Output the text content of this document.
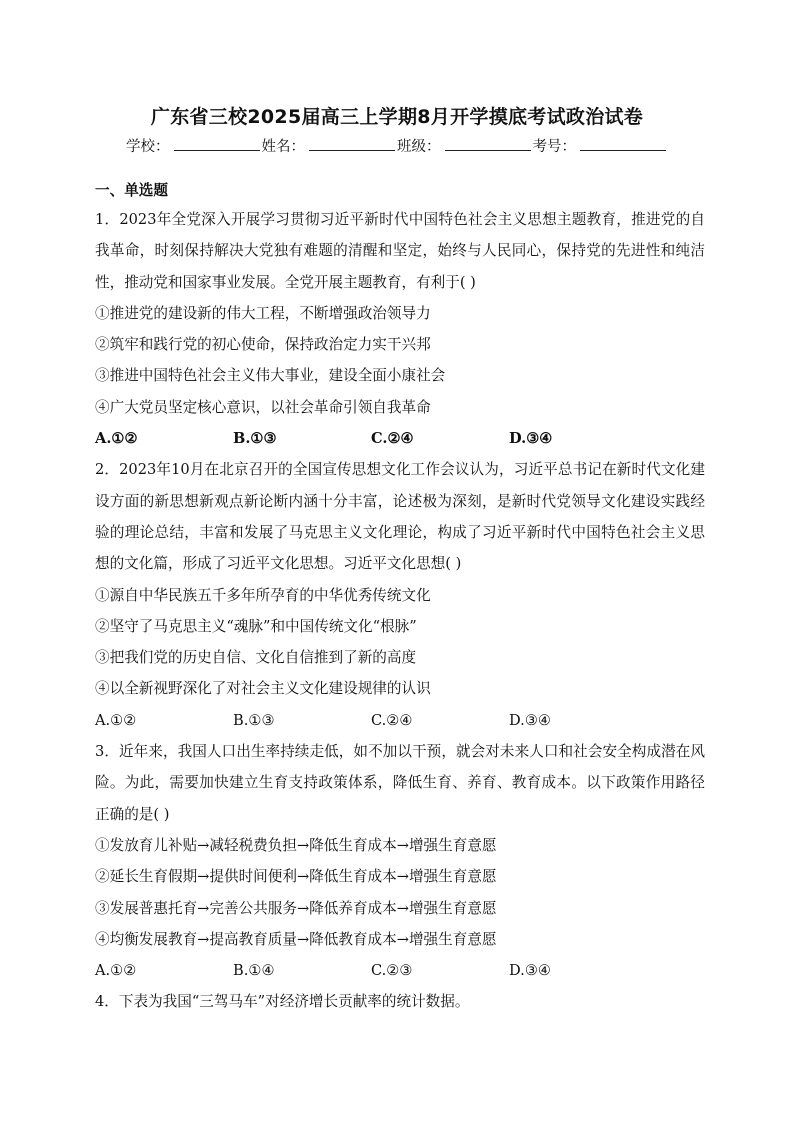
广东省三校2025届高三上学期8月开学摸底考试政治试卷
学校：	姓名：	班级：	考号：
一、单选题

1．2023年全党深入开展学习贯彻习近平新时代中国特色社会主义思想主题教育，推进党的自我革命，时刻保持解决大党独有难题的清醒和坚定，始终与人民同心，保持党的先进性和纯洁性，推动党和国家事业发展。全党开展主题教育，有利于( )

①推进党的建设新的伟大工程，不断增强政治领导力

②筑牢和践行党的初心使命，保持政治定力实干兴邦

③推进中国特色社会主义伟大事业，建设全面小康社会

④广大党员坚定核心意识，以社会革命引领自我革命

A.①②	B.①③	C.②④	D.③④

2．2023年10月在北京召开的全国宣传思想文化工作会议认为，习近平总书记在新时代文化建设方面的新思想新观点新论断内涵十分丰富，论述极为深刻，是新时代党领导文化建设实践经验的理论总结，丰富和发展了马克思主义文化理论，构成了习近平新时代中国特色社会主义思想的文化篇，形成了习近平文化思想。习近平文化思想( )

①源自中华民族五千多年所孕育的中华优秀传统文化

②坚守了马克思主义“魂脉”和中国传统文化“根脉”

③把我们党的历史自信、文化自信推到了新的高度

④以全新视野深化了对社会主义文化建设规律的认识

A.①②	B.①③	C.②④	D.③④

3．近年来，我国人口出生率持续走低，如不加以干预，就会对未来人口和社会安全构成潜在风险。为此，需要加快建立生育支持政策体系，降低生育、养育、教育成本。以下政策作用路径正确的是( )

①发放育儿补贴→减轻税费负担→降低生育成本→增强生育意愿

②延长生育假期→提供时间便利→降低生育成本→增强生育意愿

③发展普惠托育→完善公共服务→降低养育成本→增强生育意愿

④均衡发展教育→提高教育质量→降低教育成本→增强生育意愿

A.①②	B.①④	C.②③	D.③④

4．下表为我国“三驾马车”对经济增长贡献率的统计数据。
